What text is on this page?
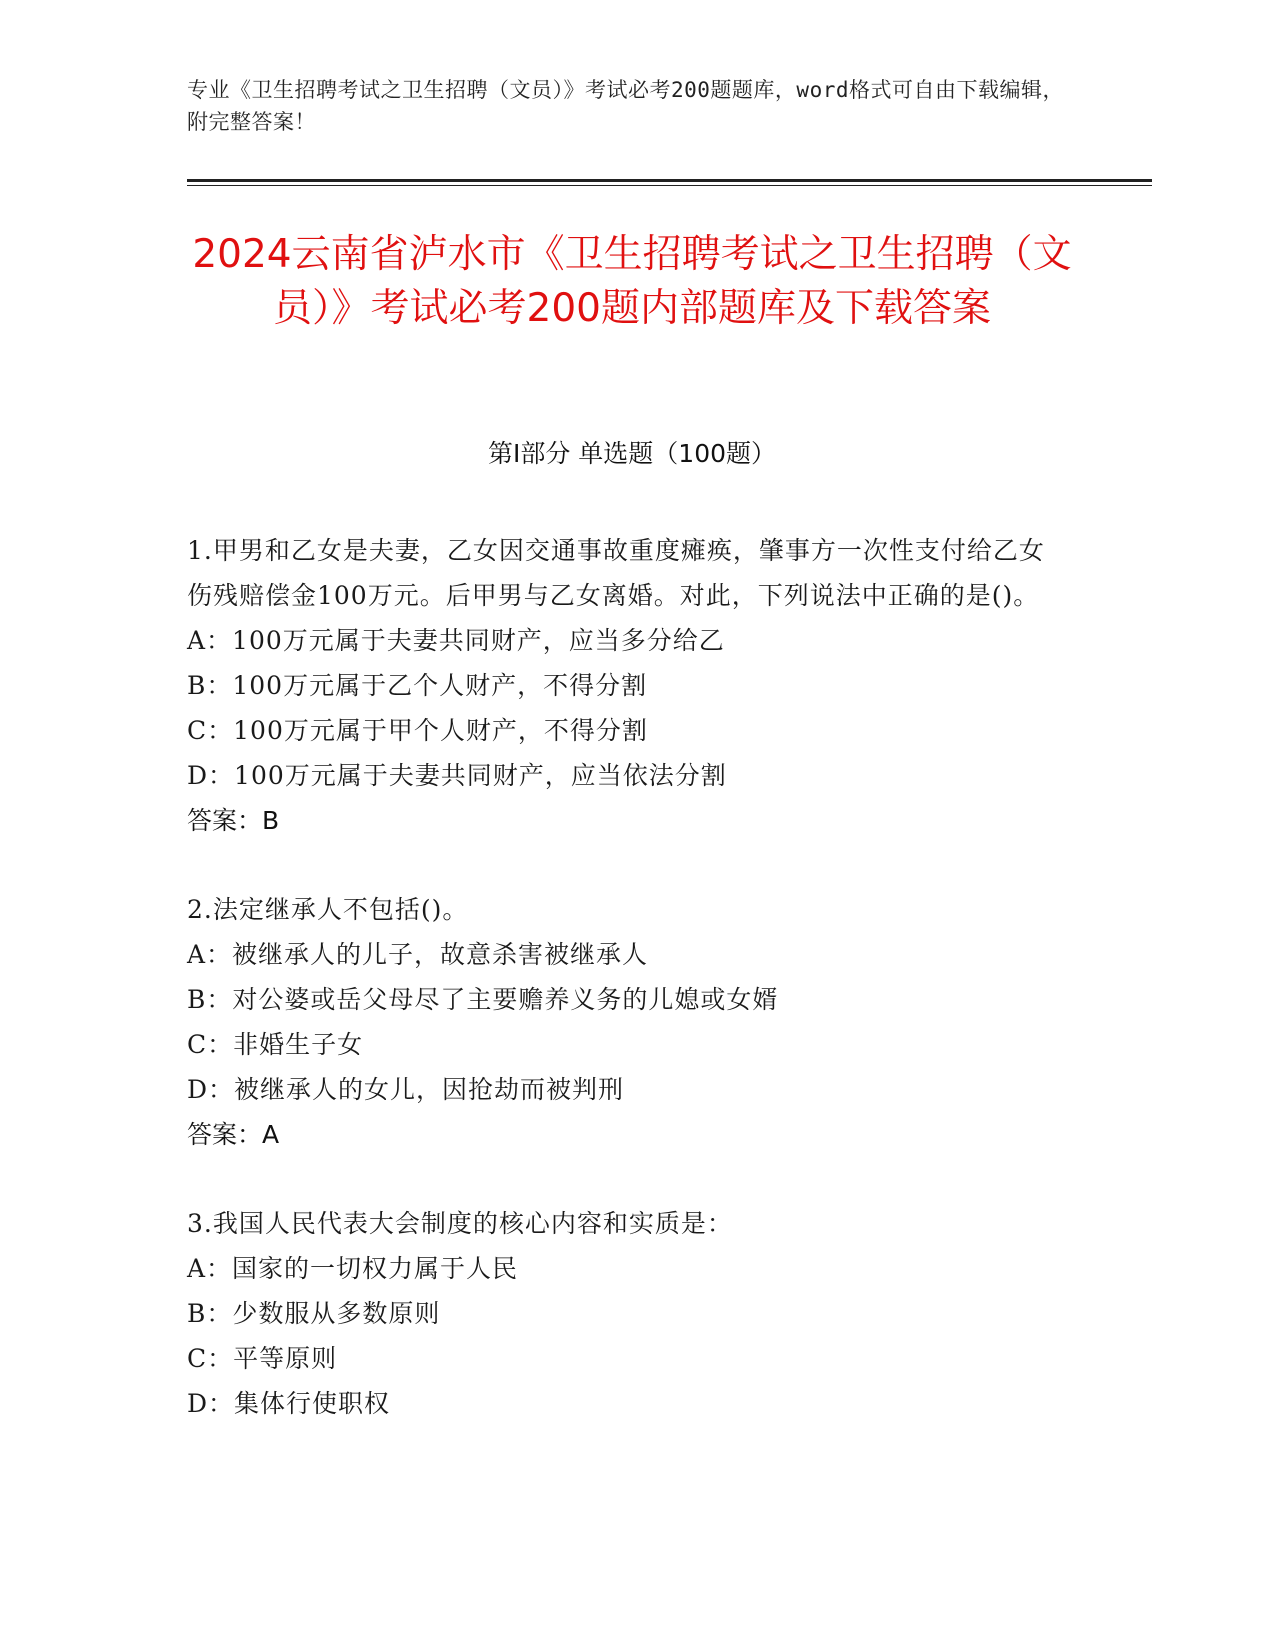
专业《卫生招聘考试之卫生招聘（文员）》考试必考200题题库，word格式可自由下载编辑，附完整答案！
2024云南省泸水市《卫生招聘考试之卫生招聘（文员）》考试必考200题内部题库及下载答案
第Ⅰ部分 单选题（100题）
1.甲男和乙女是夫妻，乙女因交通事故重度瘫痪，肇事方一次性支付给乙女伤残赔偿金100万元。后甲男与乙女离婚。对此，下列说法中正确的是()。
A：100万元属于夫妻共同财产，应当多分给乙
B：100万元属于乙个人财产，不得分割
C：100万元属于甲个人财产，不得分割
D：100万元属于夫妻共同财产，应当依法分割
答案：B
2.法定继承人不包括()。
A：被继承人的儿子，故意杀害被继承人
B：对公婆或岳父母尽了主要赡养义务的儿媳或女婿
C：非婚生子女
D：被继承人的女儿，因抢劫而被判刑
答案：A
3.我国人民代表大会制度的核心内容和实质是：
A：国家的一切权力属于人民
B：少数服从多数原则
C：平等原则
D：集体行使职权
